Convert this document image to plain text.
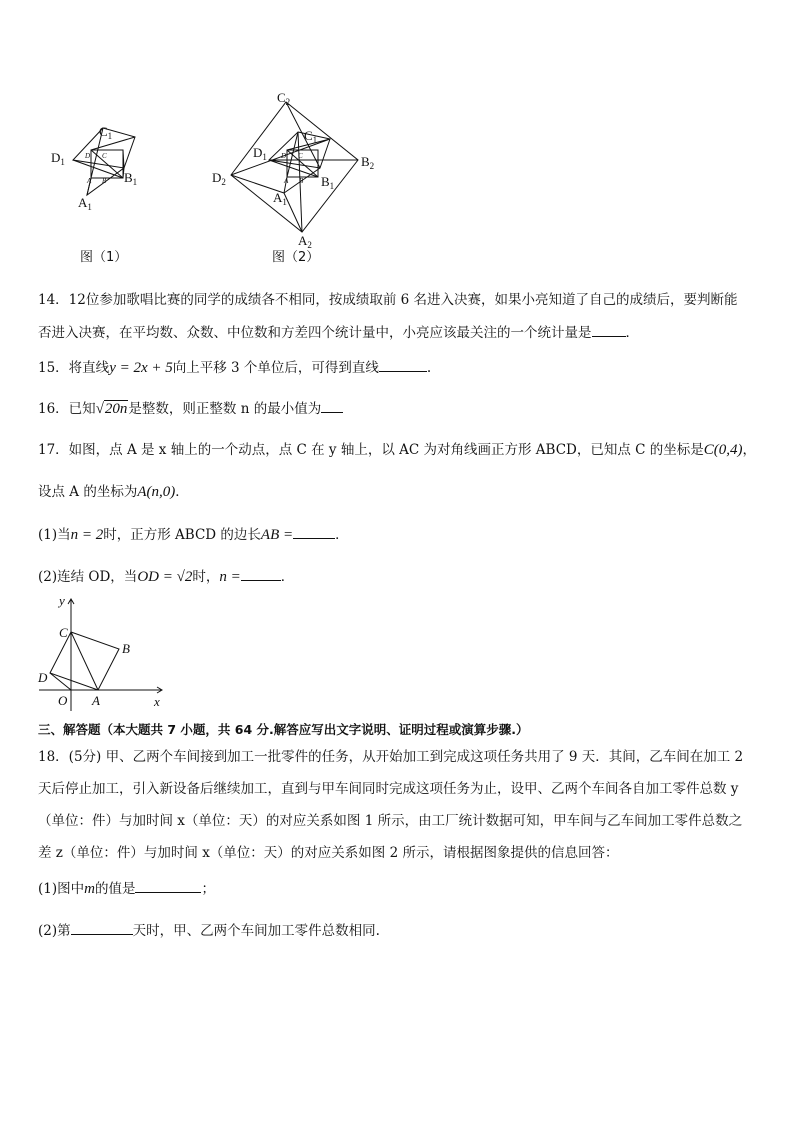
$C_1$
$D_1$
$B_1$
$A_1$
D C
A B
$C_2$
$C_1$
$D_1$	$B_2$
$D_2$	$B_1$
$A_1$
$A_2$
D C
A B
图（1）	图（2）
14．12位参加歌唱比赛的同学的成绩各不相同，按成绩取前 6 名进入决赛，如果小亮知道了自己的成绩后，要判断能
否进入决赛，在平均数、众数、中位数和方差四个统计量中，小亮应该最关注的一个统计量是	．
15．将直线y = 2x + 5向上平移 3 个单位后，可得到直线	.
16．已知√20n是整数，则正整数 n 的最小值为
17．如图，点 A 是 x 轴上的一个动点，点 C 在 y 轴上，以 AC 为对角线画正方形 ABCD，已知点 C 的坐标是C(0,4)，
设点 A 的坐标为A(n,0)．
(1)当n = 2时，正方形 ABCD 的边长AB =	．
(2)连结 OD，当OD = √2时，n =	．
y
x
C
B
D
O A
三、解答题（本大题共 7 小题，共 64 分.解答应写出文字说明、证明过程或演算步骤.）
18．(5分) 甲、乙两个车间接到加工一批零件的任务，从开始加工到完成这项任务共用了 9 天．其间，乙车间在加工 2
天后停止加工，引入新设备后继续加工，直到与甲车间同时完成这项任务为止，设甲、乙两个车间各自加工零件总数 y
（单位：件）与加时间 x（单位：天）的对应关系如图 1 所示，由工厂统计数据可知，甲车间与乙车间加工零件总数之
差 z（单位：件）与加时间 x（单位：天）的对应关系如图 2 所示，请根据图象提供的信息回答：
(1)图中m的值是	；
(2)第	天时，甲、乙两个车间加工零件总数相同.
